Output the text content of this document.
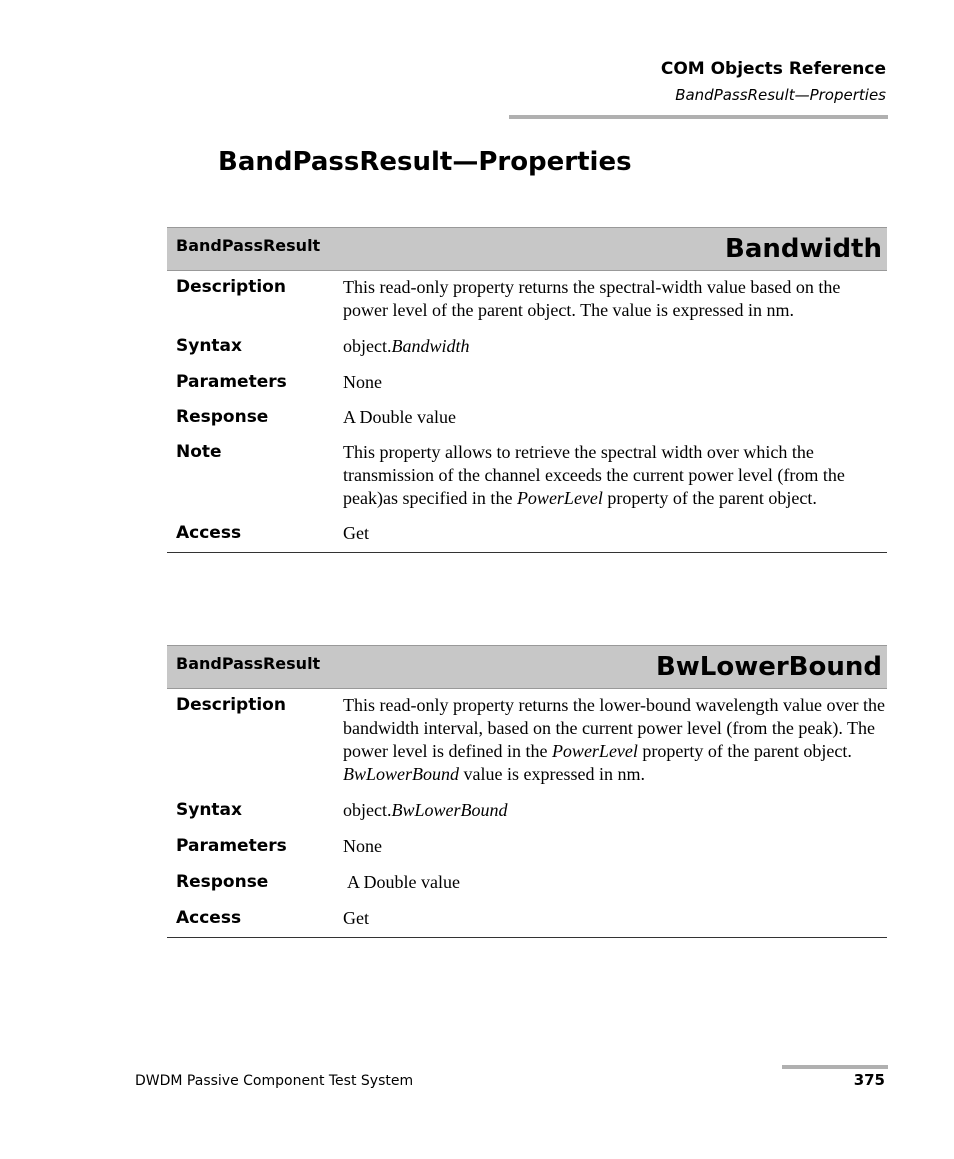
COM Objects Reference
BandPassResult—Properties
BandPassResult—Properties
BandPassResult	Bandwidth
Description	This read-only property returns the spectral-width value based on the power level of the parent object. The value is expressed in nm.
Syntax	object.Bandwidth
Parameters	None
Response	A Double value
Note	This property allows to retrieve the spectral width over which the transmission of the channel exceeds the current power level (from the peak)as specified in the PowerLevel property of the parent object.
Access	Get
BandPassResult	BwLowerBound
Description	This read-only property returns the lower-bound wavelength value over the bandwidth interval, based on the current power level (from the peak). The power level is defined in the PowerLevel property of the parent object. BwLowerBound value is expressed in nm.
Syntax	object.BwLowerBound
Parameters	None
Response	A Double value
Access	Get
DWDM Passive Component Test System	375
